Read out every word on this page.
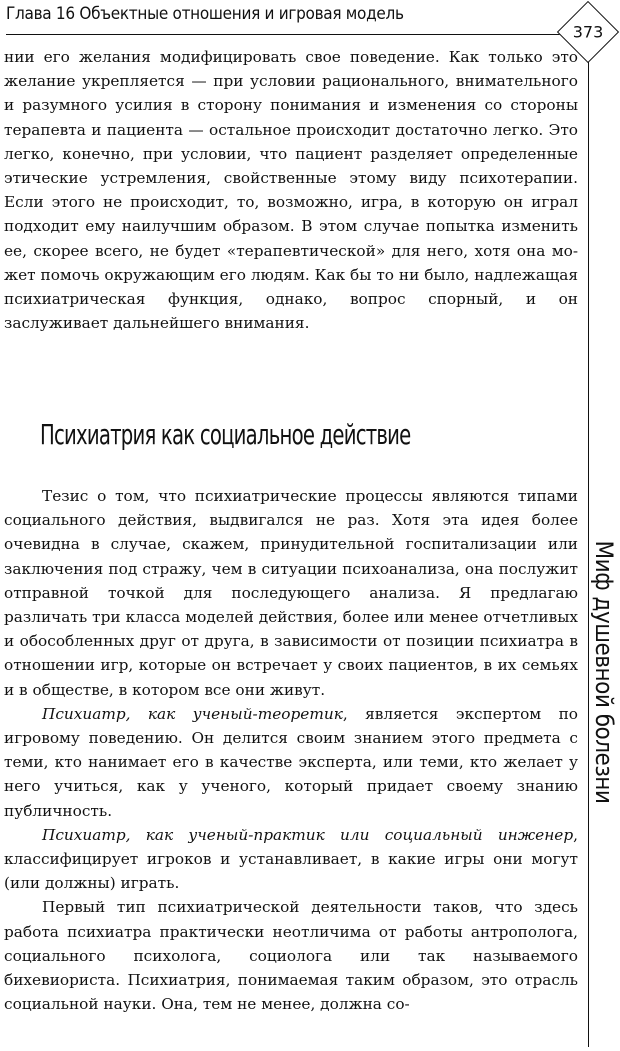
Глава 16 Объектные отношения и игровая модель
373
Миф душевной болезни

нии его желания модифицировать свое поведение. Как только это желание укрепляется — при условии рационального, внимательного и разумного усилия в сторону понимания и изменения со стороны терапевта и пациента — остальное происходит достаточно легко. Это легко, конечно, при условии, что пациент разделяет определенные этические устремления, свойственные этому виду психотерапии. Если этого не происходит, то, возможно, игра, в которую он играл подходит ему наилучшим образом. В этом случае попытка изменить ее, скорее всего, не будет «терапевтической» для него, хотя она может помочь окружающим его людям. Как бы то ни было, надлежащая психиатрическая функция, однако, вопрос спорный, и он заслуживает дальнейшего внимания.

Психиатрия как социальное действие

Тезис о том, что психиатрические процессы являются типами социального действия, выдвигался не раз. Хотя эта идея более очевидна в случае, скажем, принудительной госпитализации или заключения под стражу, чем в ситуации психоанализа, она послужит отправной точкой для последующего анализа. Я предлагаю различать три класса моделей действия, более или менее отчетливых и обособленных друг от друга, в зависимости от позиции психиатра в отношении игр, которые он встречает у своих пациентов, в их семьях и в обществе, в котором все они живут.

Психиатр, как ученый-теоретик, является экспертом по игровому поведению. Он делится своим знанием этого предмета с теми, кто нанимает его в качестве эксперта, или теми, кто желает у него учиться, как у ученого, который придает своему знанию публичность.

Психиатр, как ученый-практик или социальный инженер, классифицирует игроков и устанавливает, в какие игры они могут (или должны) играть.

Первый тип психиатрической деятельности таков, что здесь работа психиатра практически неотличима от работы антрополога, социального психолога, социолога или так называемого бихевиориста. Психиатрия, понимаемая таким образом, это отрасль социальной науки. Она, тем не менее, должна со-
